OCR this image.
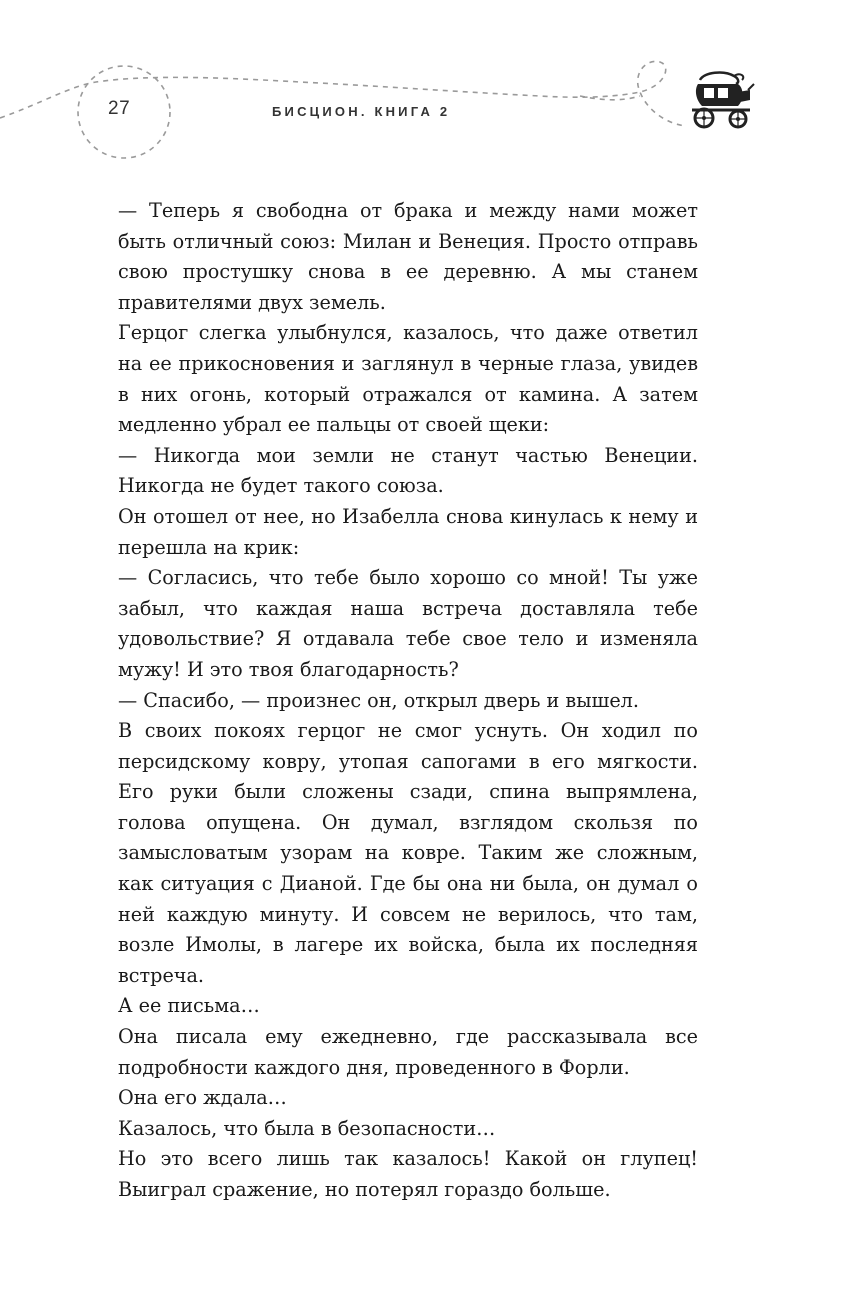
27	БИСЦИОН. КНИГА 2

— Теперь я свободна от брака и между нами может быть отличный союз: Милан и Венеция. Просто отправь свою простушку снова в ее деревню. А мы станем правителями двух земель.

Герцог слегка улыбнулся, казалось, что даже ответил на ее прикосновения и заглянул в черные глаза, увидев в них огонь, который отражался от камина. А затем медленно убрал ее пальцы от своей щеки:

— Никогда мои земли не станут частью Венеции. Никогда не будет такого союза.

Он отошел от нее, но Изабелла снова кинулась к нему и перешла на крик:

— Согласись, что тебе было хорошо со мной! Ты уже забыл, что каждая наша встреча доставляла тебе удовольствие? Я отдавала тебе свое тело и изменяла мужу! И это твоя благодарность?

— Спасибо, — произнес он, открыл дверь и вышел.

В своих покоях герцог не смог уснуть. Он ходил по персидскому ковру, утопая сапогами в его мягкости. Его руки были сложены сзади, спина выпрямлена, голова опущена. Он думал, взглядом скользя по замысловатым узорам на ковре. Таким же сложным, как ситуация с Дианой. Где бы она ни была, он думал о ней каждую минуту. И совсем не верилось, что там, возле Имолы, в лагере их войска, была их последняя встреча.

А ее письма…

Она писала ему ежедневно, где рассказывала все подробности каждого дня, проведенного в Форли.

Она его ждала…

Казалось, что была в безопасности…

Но это всего лишь так казалось! Какой он глупец! Выиграл сражение, но потерял гораздо больше.
